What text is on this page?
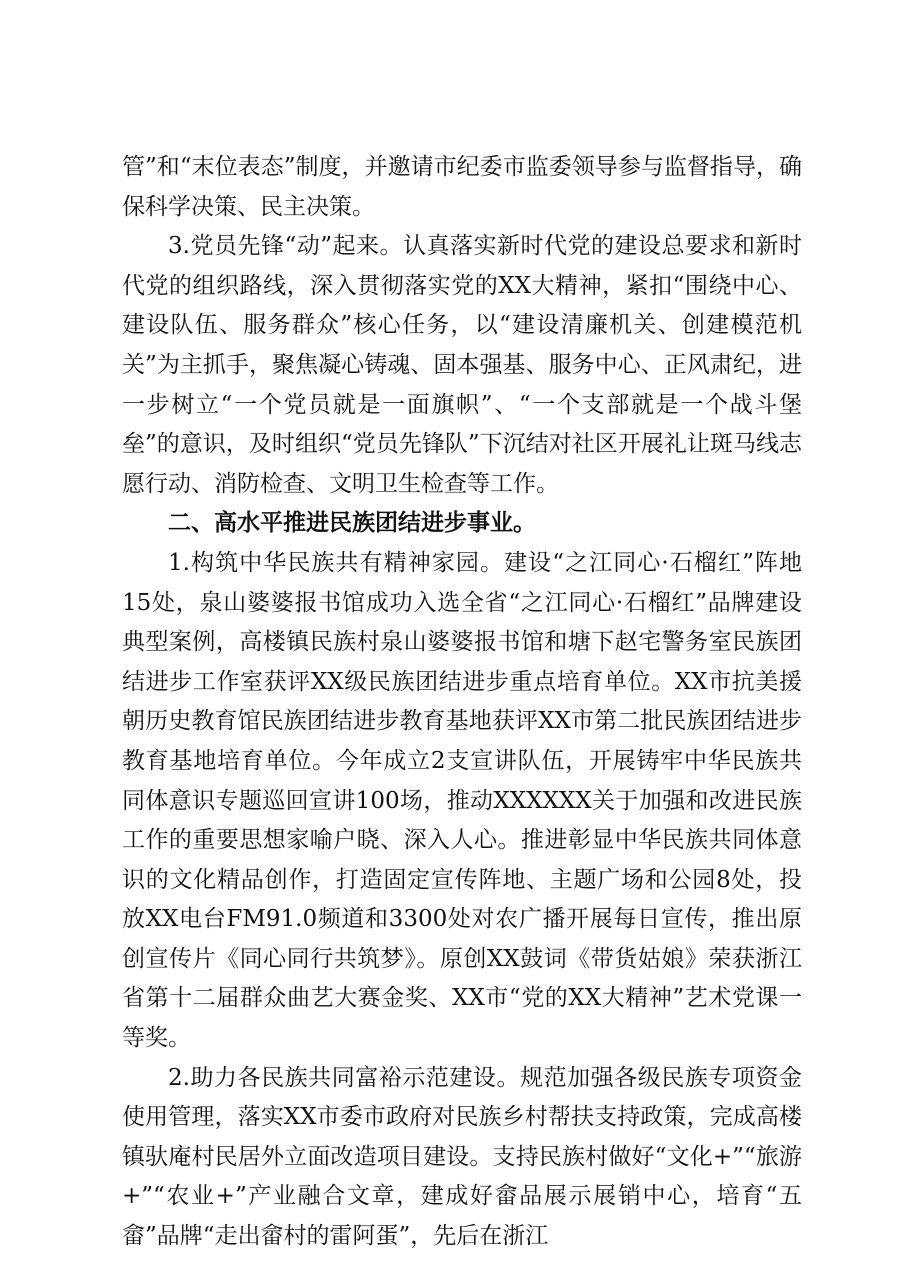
管”和“末位表态”制度，并邀请市纪委市监委领导参与监督指导，确保科学决策、民主决策。

3.党员先锋“动”起来。认真落实新时代党的建设总要求和新时代党的组织路线，深入贯彻落实党的XX大精神，紧扣“围绕中心、建设队伍、服务群众”核心任务，以“建设清廉机关、创建模范机关”为主抓手，聚焦凝心铸魂、固本强基、服务中心、正风肃纪，进一步树立“一个党员就是一面旗帜”、“一个支部就是一个战斗堡垒”的意识，及时组织“党员先锋队”下沉结对社区开展礼让斑马线志愿行动、消防检查、文明卫生检查等工作。

二、高水平推进民族团结进步事业。

1.构筑中华民族共有精神家园。建设“之江同心·石榴红”阵地15处，泉山婆婆报书馆成功入选全省“之江同心·石榴红”品牌建设典型案例，高楼镇民族村泉山婆婆报书馆和塘下赵宅警务室民族团结进步工作室获评XX级民族团结进步重点培育单位。XX市抗美援朝历史教育馆民族团结进步教育基地获评XX市第二批民族团结进步教育基地培育单位。今年成立2支宣讲队伍，开展铸牢中华民族共同体意识专题巡回宣讲100场，推动XXXXXX关于加强和改进民族工作的重要思想家喻户晓、深入人心。推进彰显中华民族共同体意识的文化精品创作，打造固定宣传阵地、主题广场和公园8处，投放XX电台FM91.0频道和3300处对农广播开展每日宣传，推出原创宣传片《同心同行共筑梦》。原创XX鼓词《带货姑娘》荣获浙江省第十二届群众曲艺大赛金奖、XX市“党的XX大精神”艺术党课一等奖。

2.助力各民族共同富裕示范建设。规范加强各级民族专项资金使用管理，落实XX市委市政府对民族乡村帮扶支持政策，完成高楼镇驮庵村民居外立面改造项目建设。支持民族村做好“文化+”“旅游+”“农业+”产业融合文章，建成好畲品展示展销中心，培育“五畲”品牌“走出畲村的雷阿蛋”，先后在浙江
